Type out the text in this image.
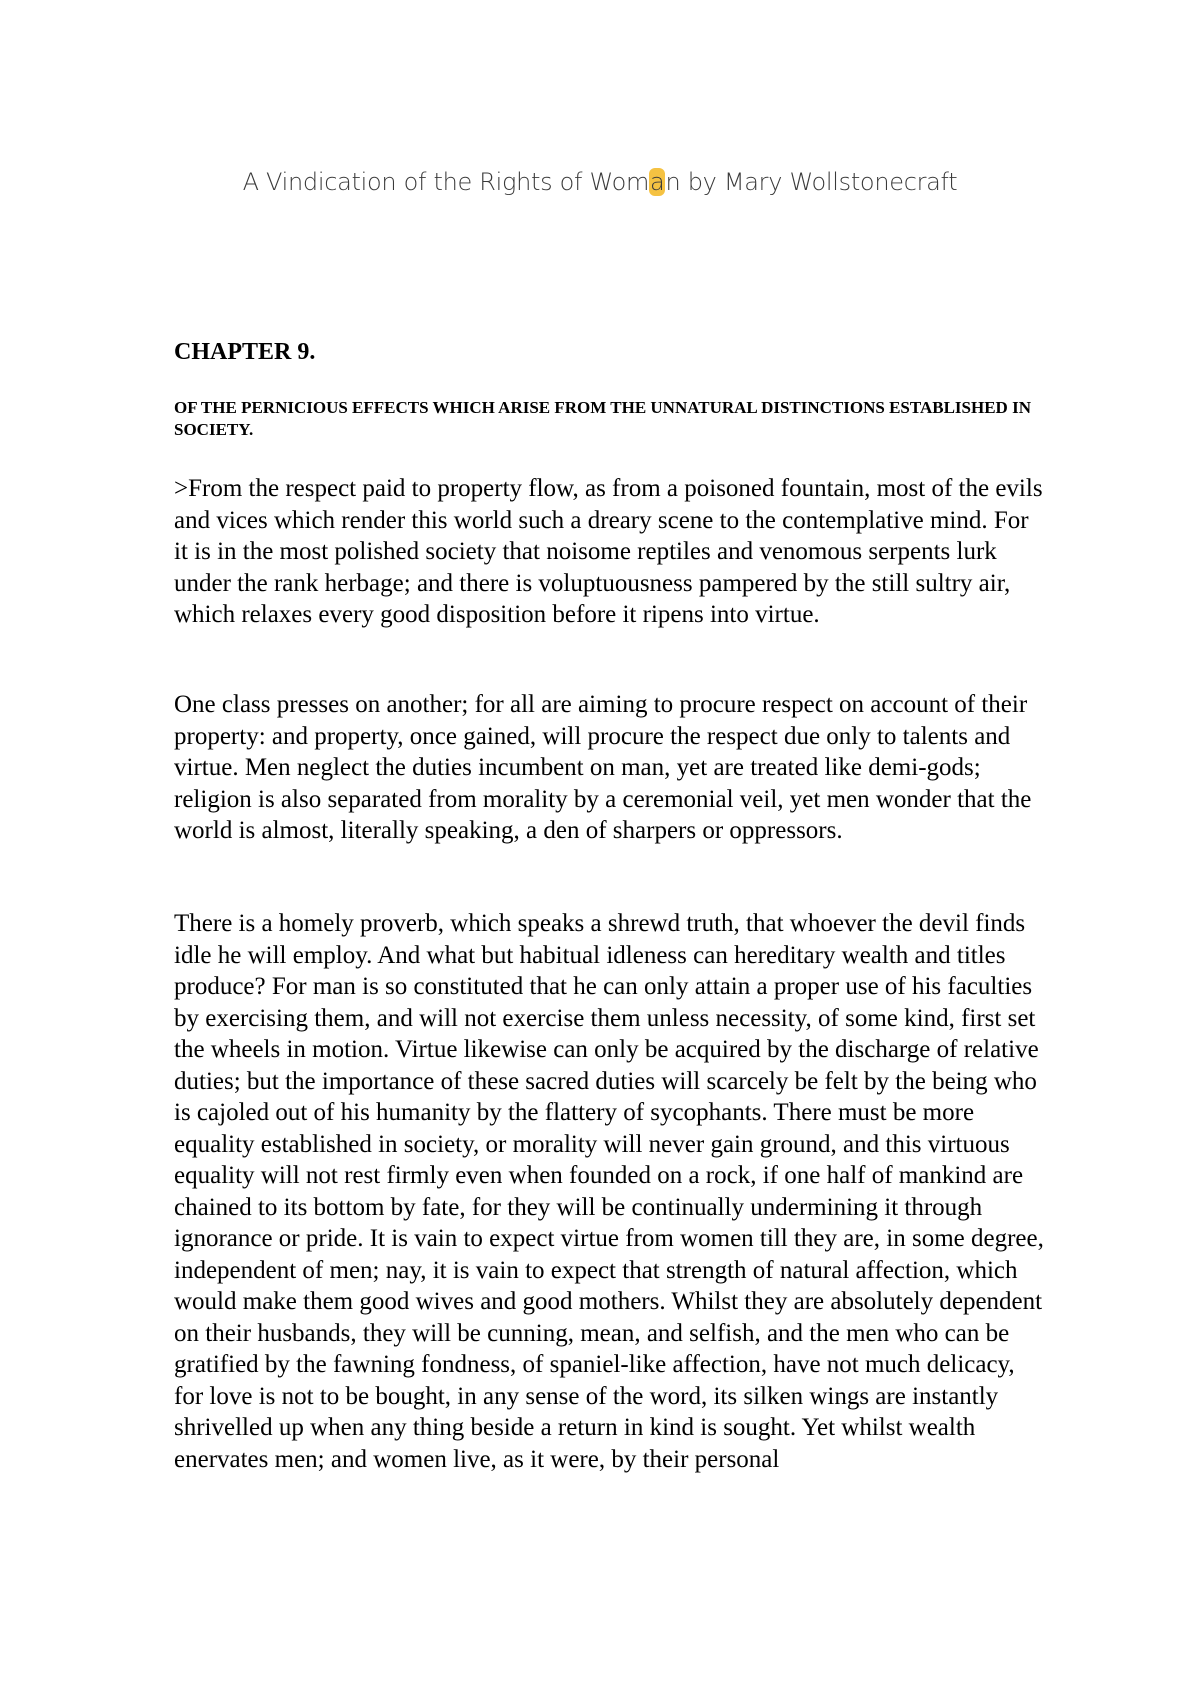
A Vindication of the Rights of Woman by Mary Wollstonecraft
CHAPTER 9.
OF THE PERNICIOUS EFFECTS WHICH ARISE FROM THE UNNATURAL DISTINCTIONS ESTABLISHED IN SOCIETY.

>From the respect paid to property flow, as from a poisoned fountain, most of the evils and vices which render this world such a dreary scene to the contemplative mind. For it is in the most polished society that noisome reptiles and venomous serpents lurk under the rank herbage; and there is voluptuousness pampered by the still sultry air, which relaxes every good disposition before it ripens into virtue.

One class presses on another; for all are aiming to procure respect on account of their property: and property, once gained, will procure the respect due only to talents and virtue. Men neglect the duties incumbent on man, yet are treated like demi-gods; religion is also separated from morality by a ceremonial veil, yet men wonder that the world is almost, literally speaking, a den of sharpers or oppressors.

There is a homely proverb, which speaks a shrewd truth, that whoever the devil finds idle he will employ. And what but habitual idleness can hereditary wealth and titles produce? For man is so constituted that he can only attain a proper use of his faculties by exercising them, and will not exercise them unless necessity, of some kind, first set the wheels in motion. Virtue likewise can only be acquired by the discharge of relative duties; but the importance of these sacred duties will scarcely be felt by the being who is cajoled out of his humanity by the flattery of sycophants. There must be more equality established in society, or morality will never gain ground, and this virtuous equality will not rest firmly even when founded on a rock, if one half of mankind are chained to its bottom by fate, for they will be continually undermining it through ignorance or pride. It is vain to expect virtue from women till they are, in some degree, independent of men; nay, it is vain to expect that strength of natural affection, which would make them good wives and good mothers. Whilst they are absolutely dependent on their husbands, they will be cunning, mean, and selfish, and the men who can be gratified by the fawning fondness, of spaniel-like affection, have not much delicacy, for love is not to be bought, in any sense of the word, its silken wings are instantly shrivelled up when any thing beside a return in kind is sought. Yet whilst wealth enervates men; and women live, as it were, by their personal
